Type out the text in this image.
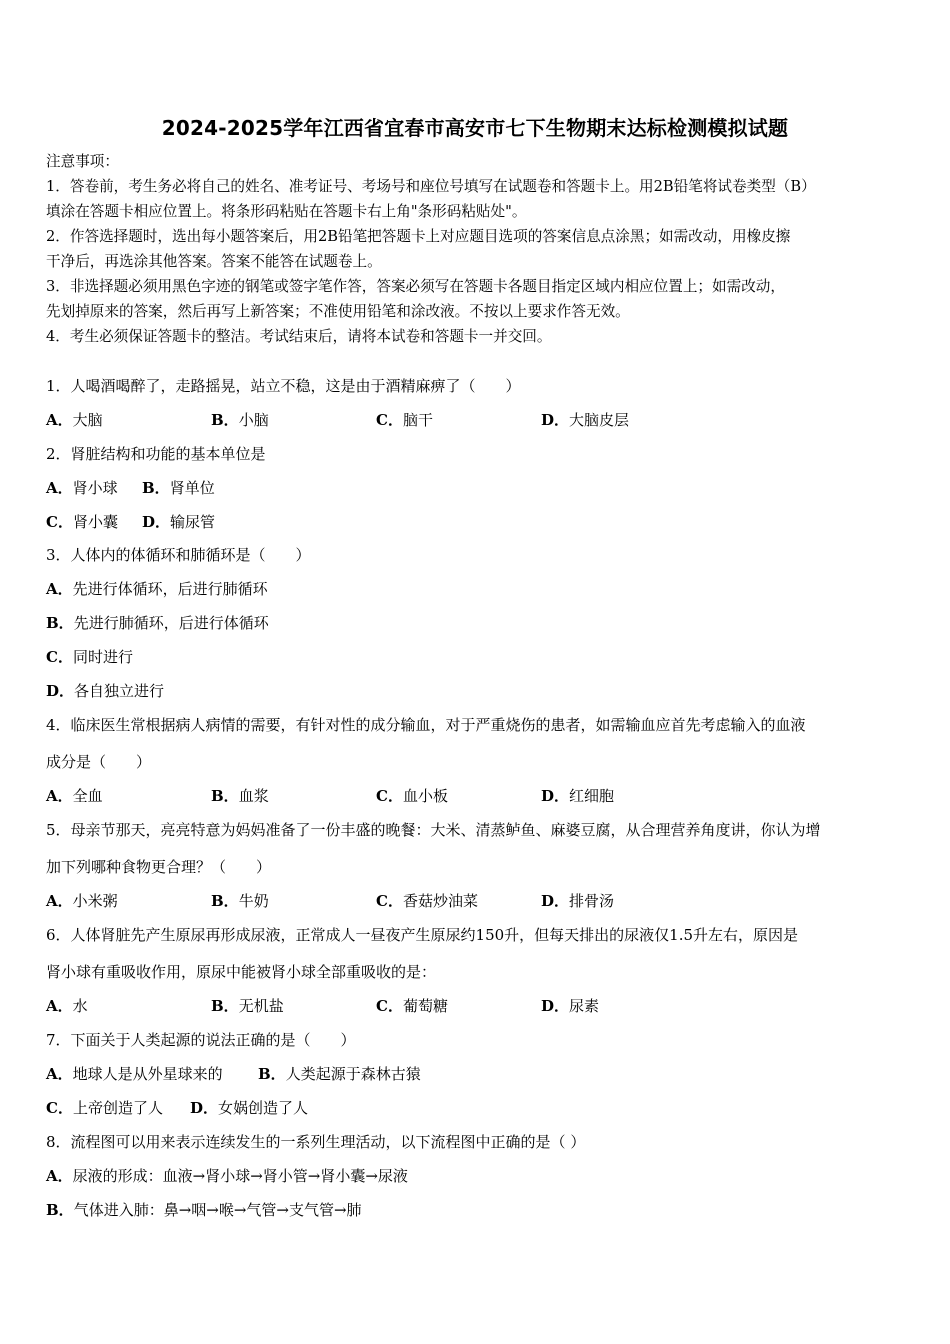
2024-2025学年江西省宜春市高安市七下生物期末达标检测模拟试题
注意事项：
1．答卷前，考生务必将自己的姓名、准考证号、考场号和座位号填写在试题卷和答题卡上。用2B铅笔将试卷类型（B）
填涂在答题卡相应位置上。将条形码粘贴在答题卡右上角"条形码粘贴处"。
2．作答选择题时，选出每小题答案后，用2B铅笔把答题卡上对应题目选项的答案信息点涂黑；如需改动，用橡皮擦
干净后，再选涂其他答案。答案不能答在试题卷上。
3．非选择题必须用黑色字迹的钢笔或签字笔作答，答案必须写在答题卡各题目指定区域内相应位置上；如需改动，
先划掉原来的答案，然后再写上新答案；不准使用铅笔和涂改液。不按以上要求作答无效。
4．考生必须保证答题卡的整洁。考试结束后，请将本试卷和答题卡一并交回。
1．人喝酒喝醉了，走路摇晃，站立不稳，这是由于酒精麻痹了（　　）
A．大脑	B．小脑	C．脑干	D．大脑皮层
2．肾脏结构和功能的基本单位是
A．肾小球 B．肾单位
C．肾小囊 D．输尿管
3．人体内的体循环和肺循环是（　　）
A．先进行体循环，后进行肺循环
B．先进行肺循环，后进行体循环
C．同时进行
D．各自独立进行
4．临床医生常根据病人病情的需要，有针对性的成分输血，对于严重烧伤的患者，如需输血应首先考虑输入的血液
成分是（　　）
A．全血	B．血浆	C．血小板	D．红细胞
5．母亲节那天，亮亮特意为妈妈准备了一份丰盛的晚餐：大米、清蒸鲈鱼、麻婆豆腐，从合理营养角度讲，你认为增
加下列哪种食物更合理？（　　）
A．小米粥	B．牛奶	C．香菇炒油菜	D．排骨汤
6．人体肾脏先产生原尿再形成尿液，正常成人一昼夜产生原尿约150升，但每天排出的尿液仅1.5升左右，原因是
肾小球有重吸收作用，原尿中能被肾小球全部重吸收的是：
A．水	B．无机盐	C．葡萄糖	D．尿素
7．下面关于人类起源的说法正确的是（　　）
A．地球人是从外星球来的 B．人类起源于森林古猿
C．上帝创造了人 D．女娲创造了人
8．流程图可以用来表示连续发生的一系列生理活动，以下流程图中正确的是（ ）
A．尿液的形成：血液→肾小球→肾小管→肾小囊→尿液
B．气体进入肺：鼻→咽→喉→气管→支气管→肺
